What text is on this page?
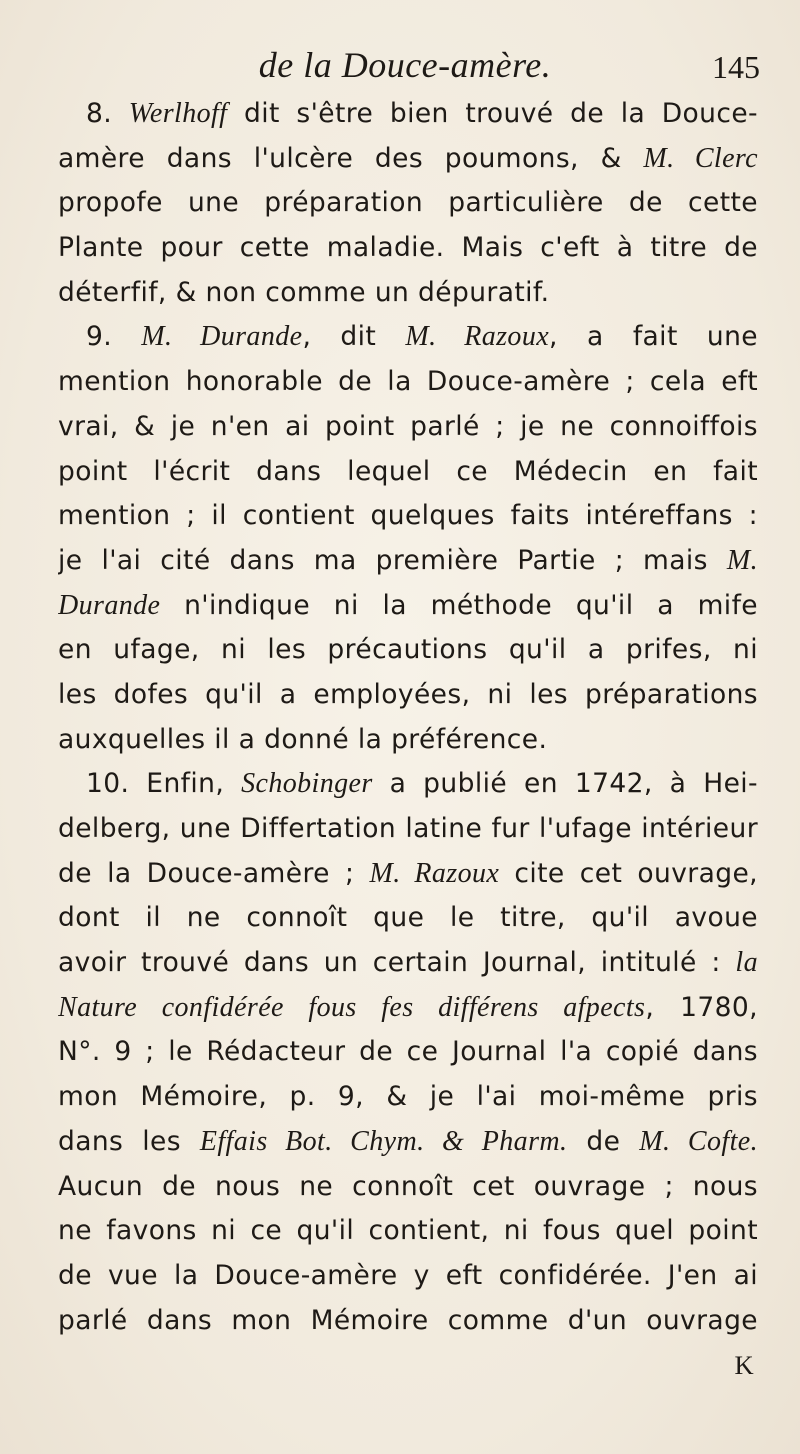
de la Douce-amère.	145
8. Werlhoff dit s'être bien trouvé de la Douce-
amère dans l'ulcère des poumons, & M. Clerc
propofe une préparation particulière de cette
Plante pour cette maladie. Mais c'eft à titre de
déterfif, & non comme un dépuratif.
9. M. Durande, dit M. Razoux, a fait une
mention honorable de la Douce-amère ; cela eft
vrai, & je n'en ai point parlé ; je ne connoiffois
point l'écrit dans lequel ce Médecin en fait
mention ; il contient quelques faits intéreffans :
je l'ai cité dans ma première Partie ; mais M.
Durande n'indique ni la méthode qu'il a mife
en ufage, ni les précautions qu'il a prifes, ni
les dofes qu'il a employées, ni les préparations
auxquelles il a donné la préférence.
10. Enfin, Schobinger a publié en 1742, à Hei-
delberg, une Differtation latine fur l'ufage intérieur
de la Douce-amère ; M. Razoux cite cet ouvrage,
dont il ne connoît que le titre, qu'il avoue
avoir trouvé dans un certain Journal, intitulé : la
Nature confidérée fous fes différens afpects, 1780,
N°. 9 ; le Rédacteur de ce Journal l'a copié dans
mon Mémoire, p. 9, & je l'ai moi-même pris
dans les Effais Bot. Chym. & Pharm. de M. Cofte.
Aucun de nous ne connoît cet ouvrage ; nous
ne favons ni ce qu'il contient, ni fous quel point
de vue la Douce-amère y eft confidérée. J'en ai
parlé dans mon Mémoire comme d'un ouvrage
K
